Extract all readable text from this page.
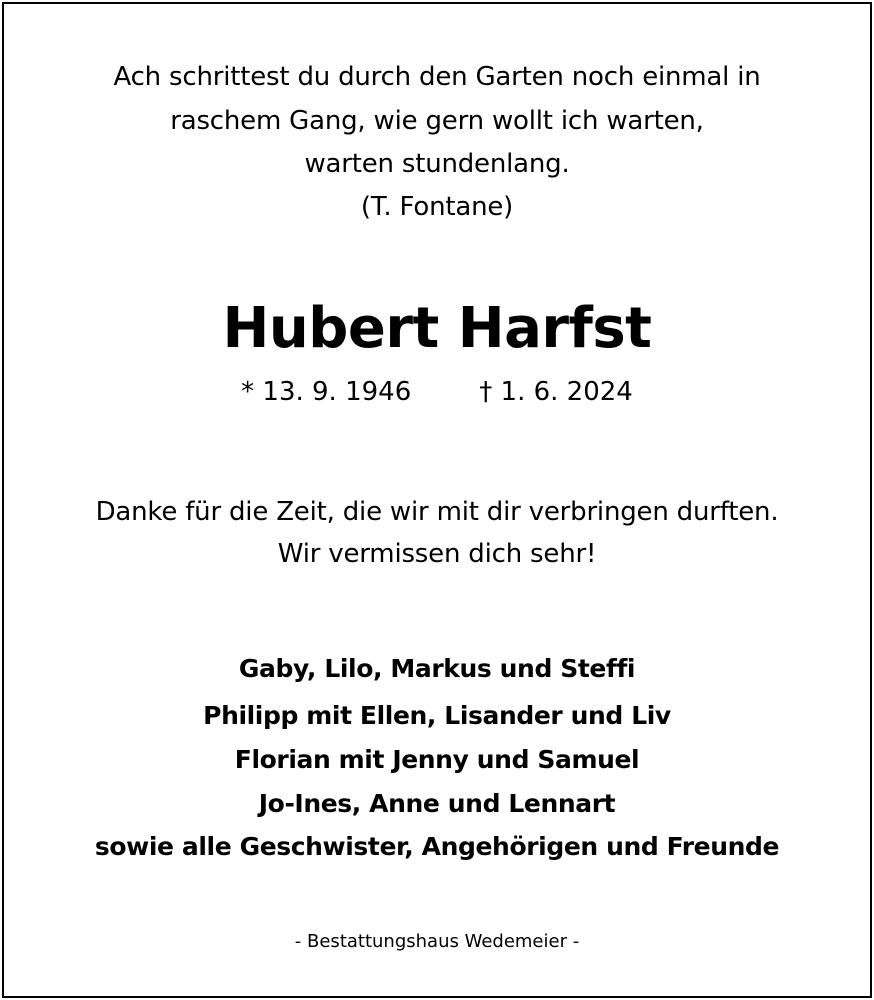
Ach schrittest du durch den Garten noch einmal in
raschem Gang, wie gern wollt ich warten,
warten stundenlang.
(T. Fontane)
Hubert Harfst
* 13. 9. 1946	† 1. 6. 2024
Danke für die Zeit, die wir mit dir verbringen durften.
Wir vermissen dich sehr!
Gaby, Lilo, Markus und Steffi
Philipp mit Ellen, Lisander und Liv
Florian mit Jenny und Samuel
Jo-Ines, Anne und Lennart
sowie alle Geschwister, Angehörigen und Freunde
- Bestattungshaus Wedemeier -
